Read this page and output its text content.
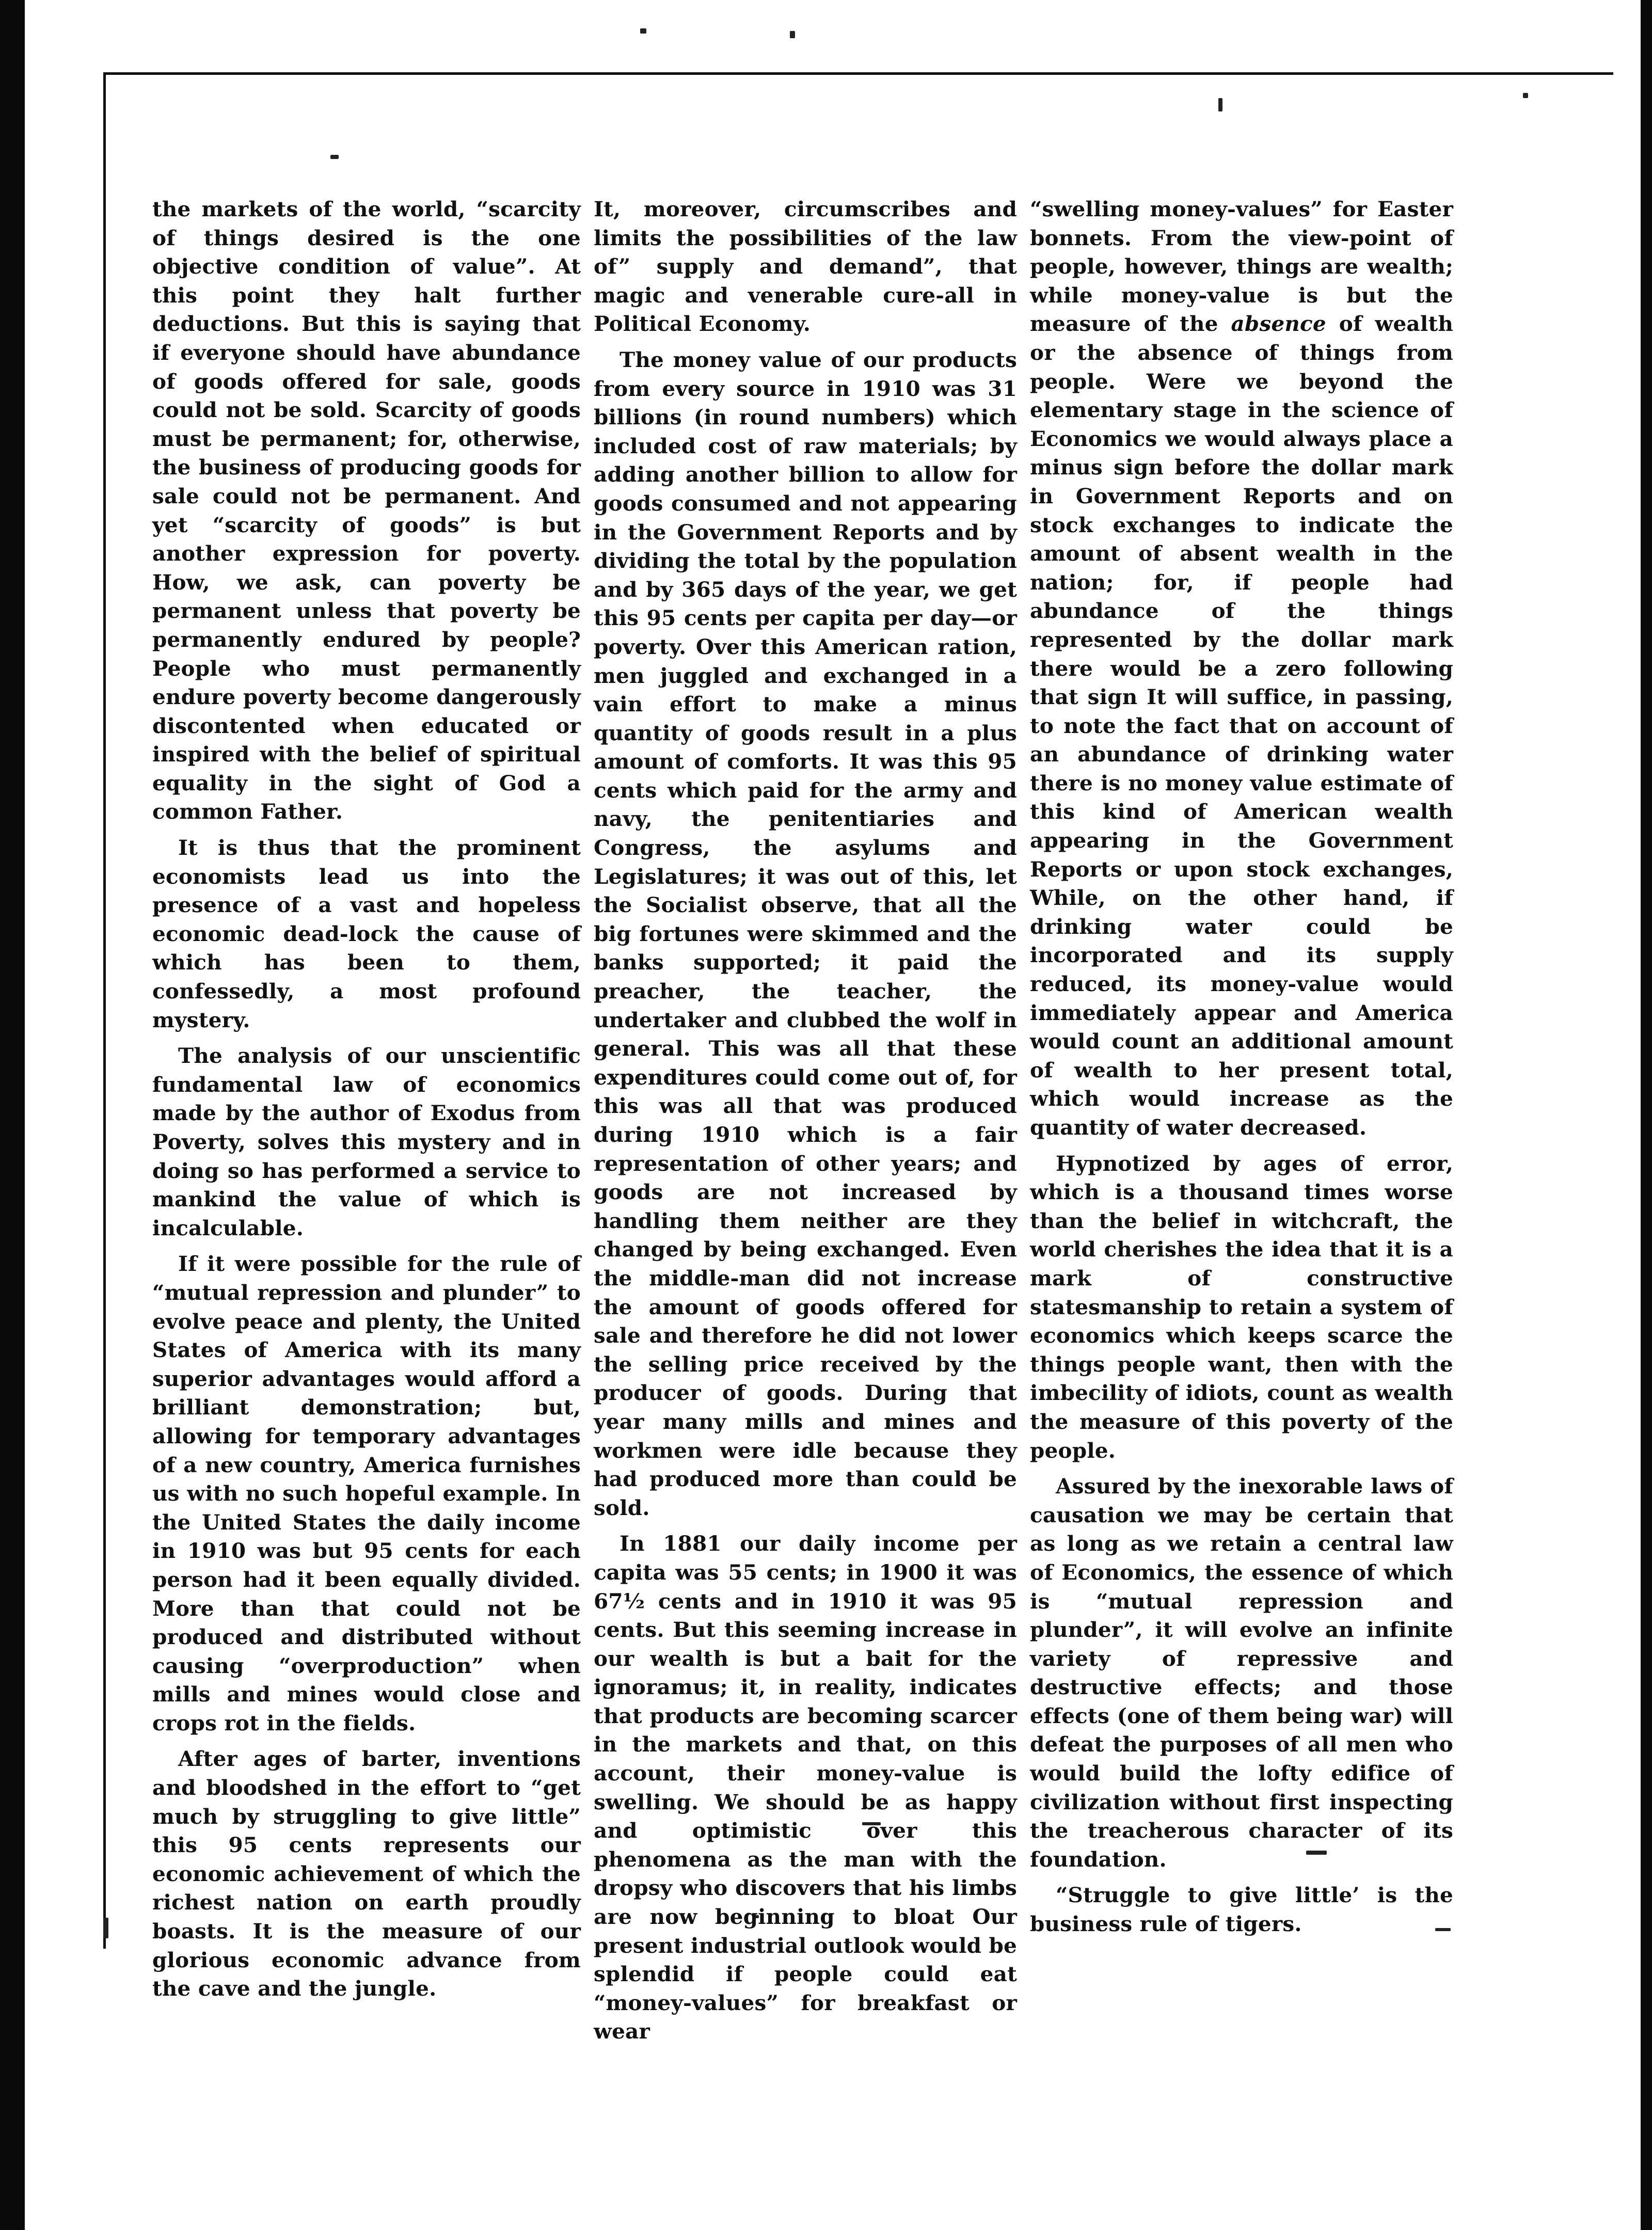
the markets of the world, “scarcity of things desired is the one objective condition of value”. At this point they halt further deductions. But this is saying that if everyone should have abundance of goods offered for sale, goods could not be sold. Scarcity of goods must be permanent; for, otherwise, the business of producing goods for sale could not be permanent. And yet “scarcity of goods” is but another expression for poverty. How, we ask, can poverty be permanent unless that poverty be permanently endured by people? People who must permanently endure poverty become dangerously discontented when educated or inspired with the belief of spiritual equality in the sight of God a common Father.

It is thus that the prominent economists lead us into the presence of a vast and hopeless economic dead-lock the cause of which has been to them, confessedly, a most profound mystery.

The analysis of our unscientific fundamental law of economics made by the author of Exodus from Poverty, solves this mystery and in doing so has performed a service to mankind the value of which is incalculable.

If it were possible for the rule of “mutual repression and plunder” to evolve peace and plenty, the United States of America with its many superior advantages would afford a brilliant demonstration; but, allowing for temporary advantages of a new country, America furnishes us with no such hopeful example. In the United States the daily income in 1910 was but 95 cents for each person had it been equally divided. More than that could not be produced and distributed without causing “overproduction” when mills and mines would close and crops rot in the fields.

After ages of barter, inventions and bloodshed in the effort to “get much by struggling to give little” this 95 cents represents our economic achievement of which the richest nation on earth proudly boasts. It is the measure of our glorious economic advance from the cave and the jungle.

It, moreover, circumscribes and limits the possibilities of the law of” supply and demand”, that magic and venerable cure-all in Political Economy.

The money value of our products from every source in 1910 was 31 billions (in round numbers) which included cost of raw materials; by adding another billion to allow for goods consumed and not appearing in the Government Reports and by dividing the total by the population and by 365 days of the year, we get this 95 cents per capita per day—or poverty. Over this American ration, men juggled and exchanged in a vain effort to make a minus quantity of goods result in a plus amount of comforts. It was this 95 cents which paid for the army and navy, the penitentiaries and Congress, the asylums and Legislatures; it was out of this, let the Socialist observe, that all the big fortunes were skimmed and the banks supported; it paid the preacher, the teacher, the undertaker and clubbed the wolf in general. This was all that these expenditures could come out of, for this was all that was produced during 1910 which is a fair representation of other years; and goods are not increased by handling them neither are they changed by being exchanged. Even the middle-man did not increase the amount of goods offered for sale and therefore he did not lower the selling price received by the producer of goods. During that year many mills and mines and workmen were idle because they had produced more than could be sold.

In 1881 our daily income per capita was 55 cents; in 1900 it was 67½ cents and in 1910 it was 95 cents. But this seeming increase in our wealth is but a bait for the ignoramus; it, in reality, indicates that products are becoming scarcer in the markets and that, on this account, their money-value is swelling. We should be as happy and optimistic over this phenomena as the man with the dropsy who discovers that his limbs are now beginning to bloat Our present industrial outlook would be splendid if people could eat “money-values” for breakfast or wear

“swelling money-values” for Easter bonnets. From the view-point of people, however, things are wealth; while money-value is but the measure of the absence of wealth or the absence of things from people. Were we beyond the elementary stage in the science of Economics we would always place a minus sign before the dollar mark in Government Reports and on stock exchanges to indicate the amount of absent wealth in the nation; for, if people had abundance of the things represented by the dollar mark there would be a zero following that sign It will suffice, in passing, to note the fact that on account of an abundance of drinking water there is no money value estimate of this kind of American wealth appearing in the Government Reports or upon stock exchanges, While, on the other hand, if drinking water could be incorporated and its supply reduced, its money-value would immediately appear and America would count an additional amount of wealth to her present total, which would increase as the quantity of water decreased.

Hypnotized by ages of error, which is a thousand times worse than the belief in witchcraft, the world cherishes the idea that it is a mark of constructive statesmanship to retain a system of economics which keeps scarce the things people want, then with the imbecility of idiots, count as wealth the measure of this poverty of the people.

Assured by the inexorable laws of causation we may be certain that as long as we retain a central law of Economics, the essence of which is “mutual repression and plunder”, it will evolve an infinite variety of repressive and destructive effects; and those effects (one of them being war) will defeat the purposes of all men who would build the lofty edifice of civilization without first inspecting the treacherous character of its foundation.

“Struggle to give little’ is the business rule of tigers.
